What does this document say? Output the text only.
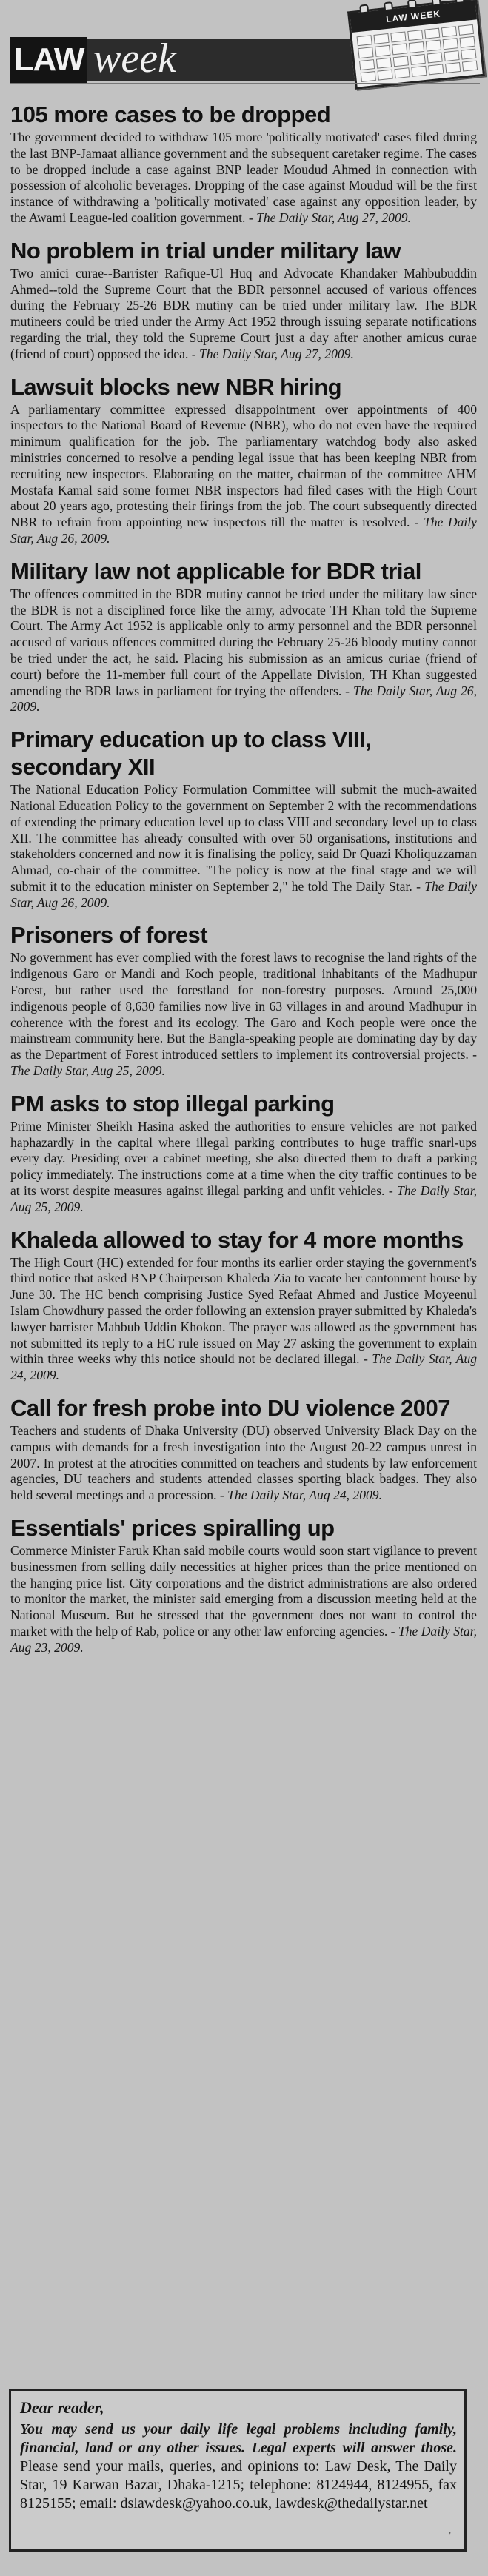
LAW week
LAW WEEK
105 more cases to be dropped

The government decided to withdraw 105 more 'politically motivated' cases filed during the last BNP-Jamaat alliance government and the subsequent caretaker regime. The cases to be dropped include a case against BNP leader Moudud Ahmed in connection with possession of alcoholic beverages. Dropping of the case against Moudud will be the first instance of withdrawing a 'politically motivated' case against any opposition leader, by the Awami League-led coalition government. - The Daily Star, Aug 27, 2009.

No problem in trial under military law

Two amici curae--Barrister Rafique-Ul Huq and Advocate Khandaker Mahbubuddin Ahmed--told the Supreme Court that the BDR personnel accused of various offences during the February 25-26 BDR mutiny can be tried under military law. The BDR mutineers could be tried under the Army Act 1952 through issuing separate notifications regarding the trial, they told the Supreme Court just a day after another amicus curae (friend of court) opposed the idea. - The Daily Star, Aug 27, 2009.

Lawsuit blocks new NBR hiring

A parliamentary committee expressed disappointment over appointments of 400 inspectors to the National Board of Revenue (NBR), who do not even have the required minimum qualification for the job. The parliamentary watchdog body also asked ministries concerned to resolve a pending legal issue that has been keeping NBR from recruiting new inspectors. Elaborating on the matter, chairman of the committee AHM Mostafa Kamal said some former NBR inspectors had filed cases with the High Court about 20 years ago, protesting their firings from the job. The court subsequently directed NBR to refrain from appointing new inspectors till the matter is resolved. - The Daily Star, Aug 26, 2009.

Military law not applicable for BDR trial

The offences committed in the BDR mutiny cannot be tried under the military law since the BDR is not a disciplined force like the army, advocate TH Khan told the Supreme Court. The Army Act 1952 is applicable only to army personnel and the BDR personnel accused of various offences committed during the February 25-26 bloody mutiny cannot be tried under the act, he said. Placing his submission as an amicus curiae (friend of court) before the 11-member full court of the Appellate Division, TH Khan suggested amending the BDR laws in parliament for trying the offenders. - The Daily Star, Aug 26, 2009.

Primary education up to class VIII, secondary XII

The National Education Policy Formulation Committee will submit the much-awaited National Education Policy to the government on September 2 with the recommendations of extending the primary education level up to class VIII and secondary level up to class XII. The committee has already consulted with over 50 organisations, institutions and stakeholders concerned and now it is finalising the policy, said Dr Quazi Kholiquzzaman Ahmad, co-chair of the committee. "The policy is now at the final stage and we will submit it to the education minister on September 2," he told The Daily Star. - The Daily Star, Aug 26, 2009.

Prisoners of forest

No government has ever complied with the forest laws to recognise the land rights of the indigenous Garo or Mandi and Koch people, traditional inhabitants of the Madhupur Forest, but rather used the forestland for non-forestry purposes. Around 25,000 indigenous people of 8,630 families now live in 63 villages in and around Madhupur in coherence with the forest and its ecology. The Garo and Koch people were once the mainstream community here. But the Bangla-speaking people are dominating day by day as the Department of Forest introduced settlers to implement its controversial projects. - The Daily Star, Aug 25, 2009.

PM asks to stop illegal parking

Prime Minister Sheikh Hasina asked the authorities to ensure vehicles are not parked haphazardly in the capital where illegal parking contributes to huge traffic snarl-ups every day. Presiding over a cabinet meeting, she also directed them to draft a parking policy immediately. The instructions come at a time when the city traffic continues to be at its worst despite measures against illegal parking and unfit vehicles. - The Daily Star, Aug 25, 2009.

Khaleda allowed to stay for 4 more months

The High Court (HC) extended for four months its earlier order staying the government's third notice that asked BNP Chairperson Khaleda Zia to vacate her cantonment house by June 30. The HC bench comprising Justice Syed Refaat Ahmed and Justice Moyeenul Islam Chowdhury passed the order following an extension prayer submitted by Khaleda's lawyer barrister Mahbub Uddin Khokon. The prayer was allowed as the government has not submitted its reply to a HC rule issued on May 27 asking the government to explain within three weeks why this notice should not be declared illegal. - The Daily Star, Aug 24, 2009.

Call for fresh probe into DU violence 2007

Teachers and students of Dhaka University (DU) observed University Black Day on the campus with demands for a fresh investigation into the August 20-22 campus unrest in 2007. In protest at the atrocities committed on teachers and students by law enforcement agencies, DU teachers and students attended classes sporting black badges. They also held several meetings and a procession. - The Daily Star, Aug 24, 2009.

Essentials' prices spiralling up

Commerce Minister Faruk Khan said mobile courts would soon start vigilance to prevent businessmen from selling daily necessities at higher prices than the price mentioned on the hanging price list. City corporations and the district administrations are also ordered to monitor the market, the minister said emerging from a discussion meeting held at the National Museum. But he stressed that the government does not want to control the market with the help of Rab, police or any other law enforcing agencies. - The Daily Star, Aug 23, 2009.

Dear reader,

You may send us your daily life legal problems including family, financial, land or any other issues. Legal experts will answer those. Please send your mails, queries, and opinions to: Law Desk, The Daily Star, 19 Karwan Bazar, Dhaka-1215; telephone: 8124944, 8124955, fax 8125155; email: dslawdesk@yahoo.co.uk, lawdesk@thedailystar.net

'
